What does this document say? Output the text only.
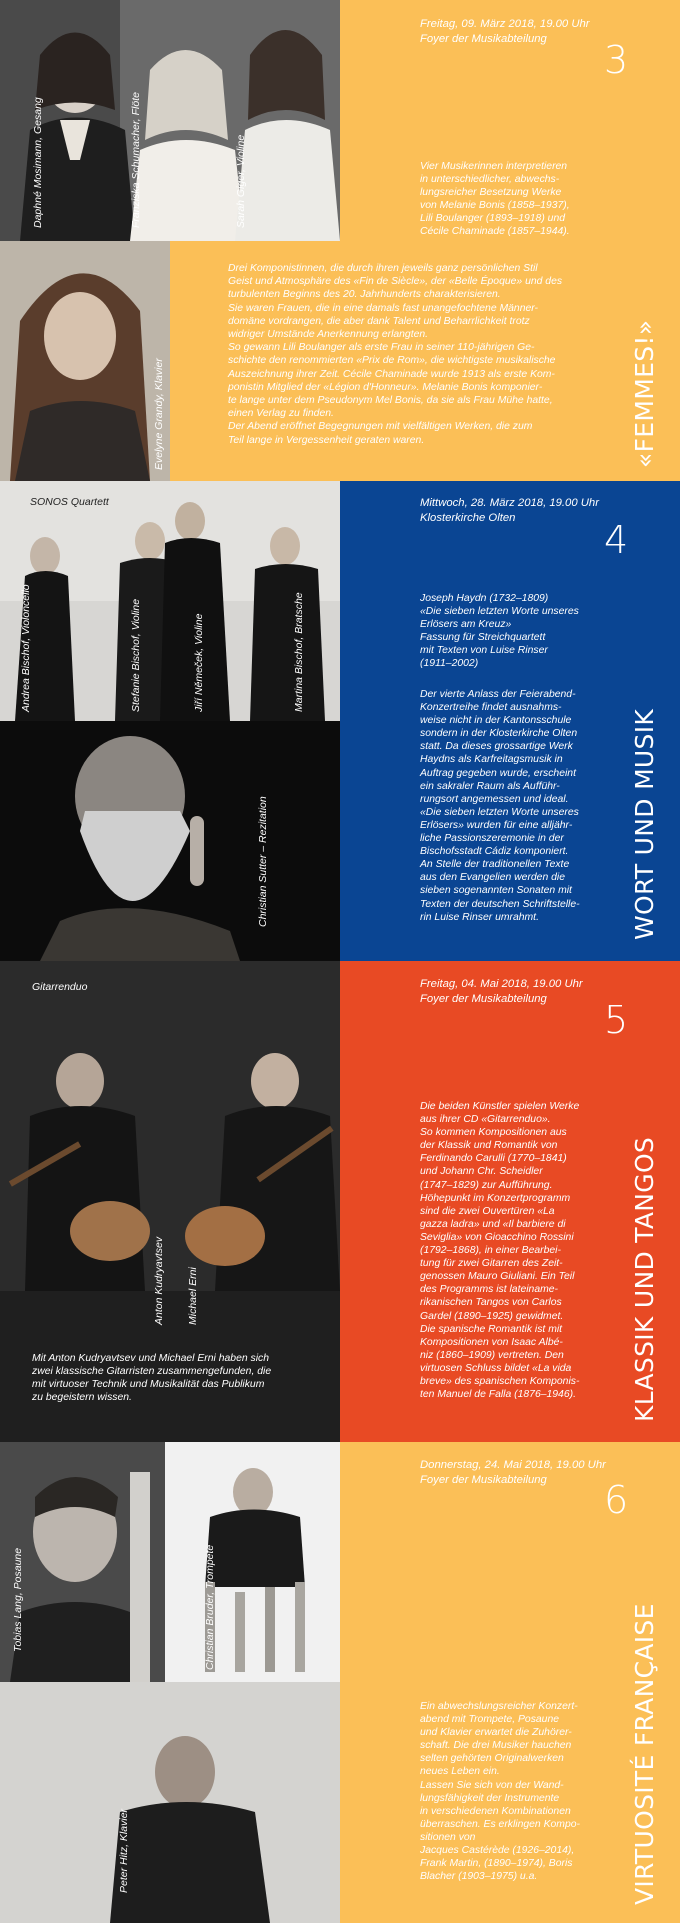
Daphné Mosimann, Gesang	Franziska Schumacher, Flöte	Sarah Giger, Violine
Evelyne Grandy, Klavier
Freitag, 09. März 2018, 19.00 Uhr
Foyer der Musikabteilung	3
Vier Musikerinnen interpretieren
in unterschiedlicher, abwechs-
lungsreicher Besetzung Werke
von Melanie Bonis (1858–1937),
Lili Boulanger (1893–1918) und
Cécile Chaminade (1857–1944).
Drei Komponistinnen, die durch ihren jeweils ganz persönlichen Stil
Geist und Atmosphäre des «Fin de Siècle», der «Belle Époque» und des
turbulenten Beginns des 20. Jahrhunderts charakterisieren.
Sie waren Frauen, die in eine damals fast unangefochtene Männer-
domäne vordrangen, die aber dank Talent und Beharrlichkeit trotz
widriger Umstände Anerkennung erlangten.
So gewann Lili Boulanger als erste Frau in seiner 110-jährigen Ge-
schichte den renommierten «Prix de Rom», die wichtigste musikalische
Auszeichnung ihrer Zeit. Cécile Chaminade wurde 1913 als erste Kom-
ponistin Mitglied der «Légion d'Honneur». Melanie Bonis komponier-
te lange unter dem Pseudonym Mel Bonis, da sie als Frau Mühe hatte,
einen Verlag zu finden.
Der Abend eröffnet Begegnungen mit vielfältigen Werken, die zum
Teil lange in Vergessenheit geraten waren.	«FEMMES!»
SONOS Quartett
Andrea Bischof, Violoncello	Stefanie Bischof, Violine	Jiří Němeček, Violine	Martina Bischof, Bratsche
Christian Sutter – Rezitation
Mittwoch, 28. März 2018, 19.00 Uhr
Klosterkirche Olten	4
Joseph Haydn (1732–1809)
«Die sieben letzten Worte unseres
Erlösers am Kreuz»
Fassung für Streichquartett
mit Texten von Luise Rinser
(1911–2002)
Der vierte Anlass der Feierabend-
Konzertreihe findet ausnahms-
weise nicht in der Kantonsschule
sondern in der Klosterkirche Olten
statt. Da dieses grossartige Werk
Haydns als Karfreitagsmusik in
Auftrag gegeben wurde, erscheint
ein sakraler Raum als Aufführ-
rungsort angemessen und ideal.
«Die sieben letzten Worte unseres
Erlösers» wurden für eine alljähr-
liche Passionszeremonie in der
Bischofsstadt Cádiz komponiert.
An Stelle der traditionellen Texte
aus den Evangelien werden die
sieben sogenannten Sonaten mit
Texten der deutschen Schriftstelle-
rin Luise Rinser umrahmt.	WORT UND MUSIK
Gitarrenduo
Anton Kudryavtsev Michael Erni
Mit Anton Kudryavtsev und Michael Erni haben sich
zwei klassische Gitarristen zusammengefunden, die
mit virtuoser Technik und Musikalität das Publikum
zu begeistern wissen.
Freitag, 04. Mai 2018, 19.00 Uhr
Foyer der Musikabteilung	5
Die beiden Künstler spielen Werke
aus ihrer CD «Gitarrenduo».
So kommen Kompositionen aus
der Klassik und Romantik von
Ferdinando Carulli (1770–1841)
und Johann Chr. Scheidler
(1747–1829) zur Aufführung.
Höhepunkt im Konzertprogramm
sind die zwei Ouvertüren «La
gazza ladra» und «Il barbiere di
Seviglia» von Gioacchino Rossini
(1792–1868), in einer Bearbei-
tung für zwei Gitarren des Zeit-
genossen Mauro Giuliani. Ein Teil
des Programms ist lateiname-
rikanischen Tangos von Carlos
Gardel (1890–1925) gewidmet.
Die spanische Romantik ist mit
Kompositionen von Isaac Albé-
niz (1860–1909) vertreten. Den
virtuosen Schluss bildet «La vida
breve» des spanischen Komponis-
ten Manuel de Falla (1876–1946).	KLASSIK UND TANGOS
Tobias Lang, Posaune	Christian Bruder, Trompete
Peter Hitz, Klavier
Donnerstag, 24. Mai 2018, 19.00 Uhr
Foyer der Musikabteilung	6
Ein abwechslungsreicher Konzert-
abend mit Trompete, Posaune
und Klavier erwartet die Zuhörer-
schaft. Die drei Musiker hauchen
selten gehörten Originalwerken
neues Leben ein.
Lassen Sie sich von der Wand-
lungsfähigkeit der Instrumente
in verschiedenen Kombinationen
überraschen. Es erklingen Kompo-
sitionen von
Jacques Castérède (1926–2014),
Frank Martin, (1890–1974), Boris
Blacher (1903–1975) u.a.	VIRTUOSITÉ FRANÇAISE
